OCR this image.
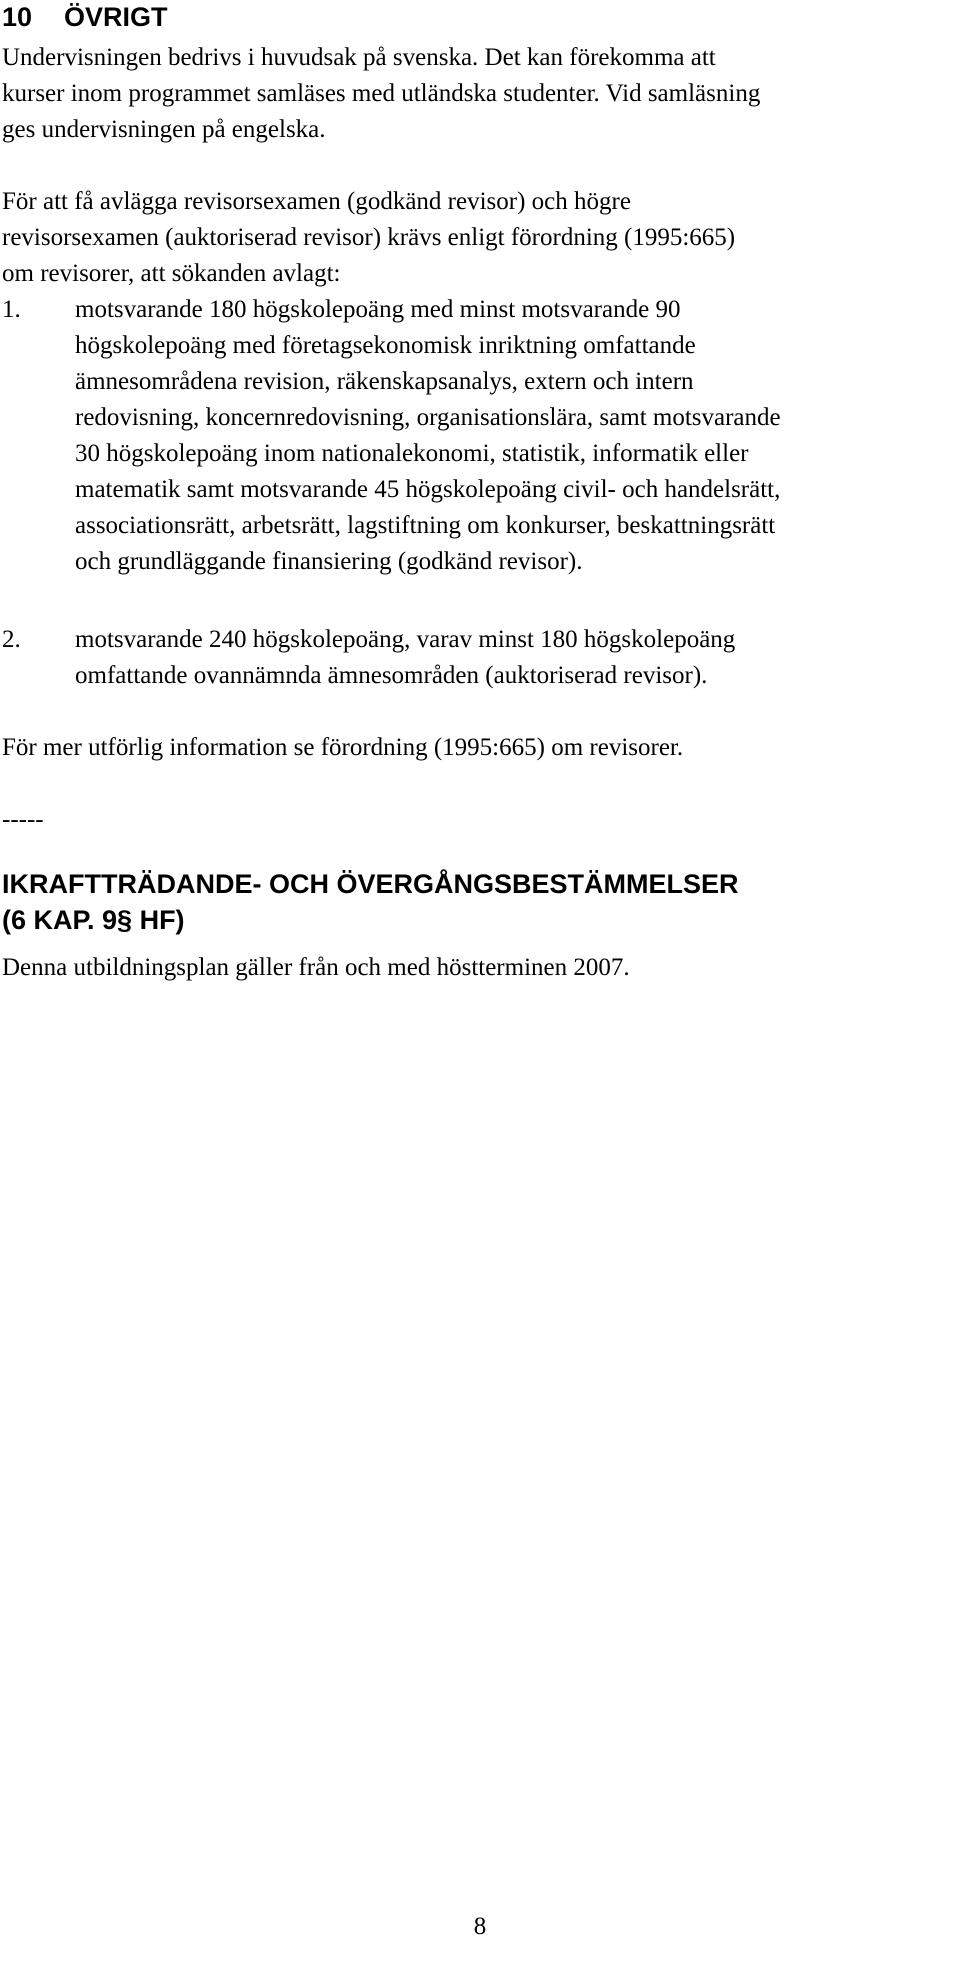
10 ÖVRIGT
Undervisningen bedrivs i huvudsak på svenska. Det kan förekomma att
kurser inom programmet samläses med utländska studenter. Vid samläsning
ges undervisningen på engelska.
För att få avlägga revisorsexamen (godkänd revisor) och högre
revisorsexamen (auktoriserad revisor) krävs enligt förordning (1995:665)
om revisorer, att sökanden avlagt:
1. motsvarande 180 högskolepoäng med minst motsvarande 90
högskolepoäng med företagsekonomisk inriktning omfattande
ämnesområdena revision, räkenskapsanalys, extern och intern
redovisning, koncernredovisning, organisationslära, samt motsvarande
30 högskolepoäng inom nationalekonomi, statistik, informatik eller
matematik samt motsvarande 45 högskolepoäng civil- och handelsrätt,
associationsrätt, arbetsrätt, lagstiftning om konkurser, beskattningsrätt
och grundläggande finansiering (godkänd revisor).
2. motsvarande 240 högskolepoäng, varav minst 180 högskolepoäng
omfattande ovannämnda ämnesområden (auktoriserad revisor).
För mer utförlig information se förordning (1995:665) om revisorer.
-----
IKRAFTTRÄDANDE- OCH ÖVERGÅNGSBESTÄMMELSER
(6 KAP. 9§ HF)
Denna utbildningsplan gäller från och med höstterminen 2007.
8
